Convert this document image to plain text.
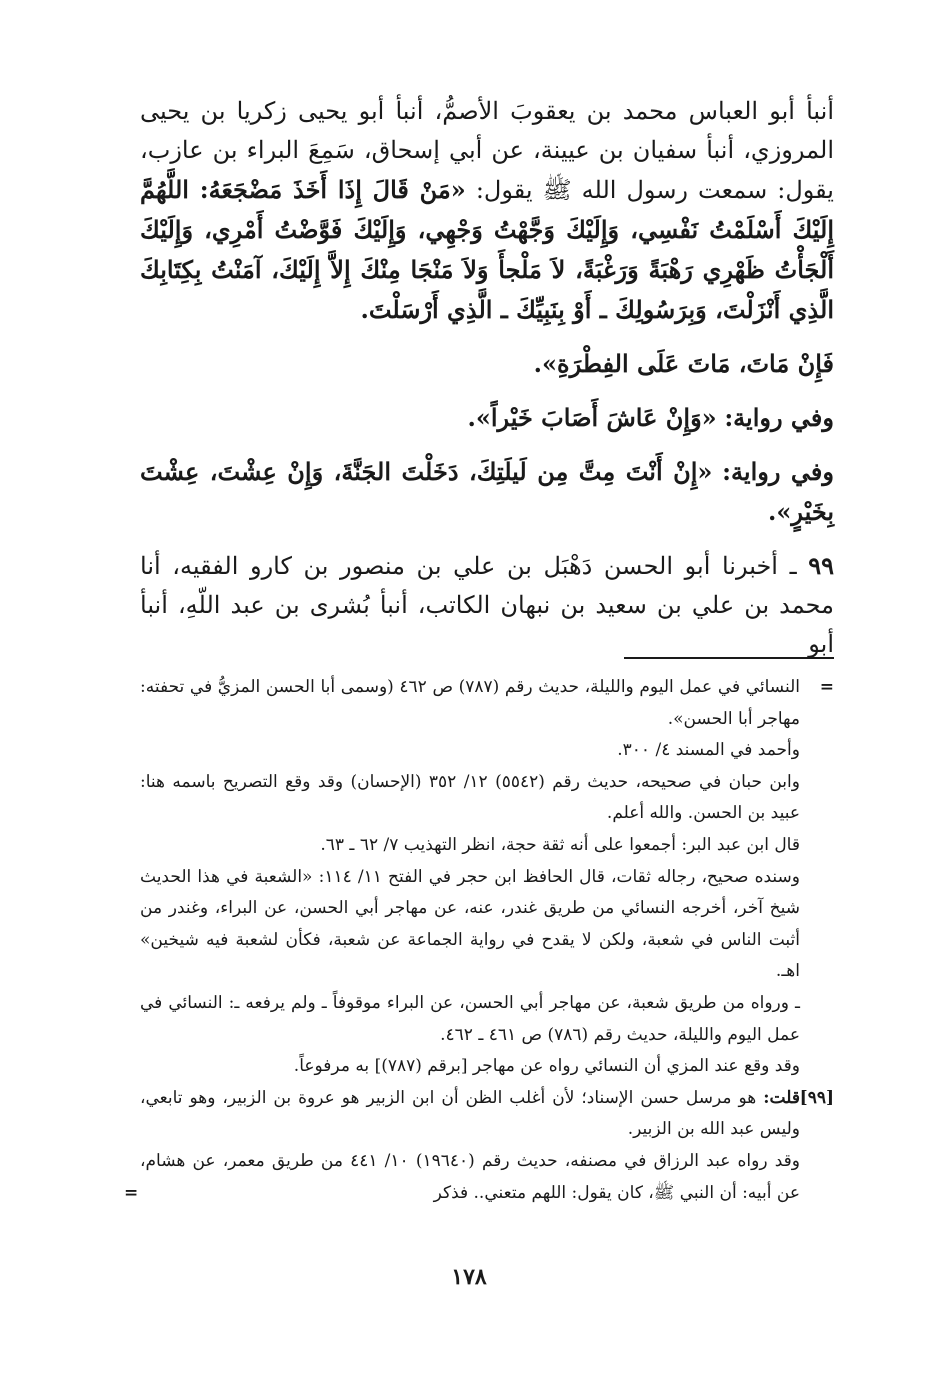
أنبأ أبو العباس محمد بن يعقوبَ الأصمُّ، أنبأ أبو يحيى زكريا بن يحيى المروزي، أنبأ سفيان بن عيينة، عن أبي إسحاق، سَمِعَ البراء بن عازب، يقول: سمعت رسول الله ﷺ يقول: «مَنْ قَالَ إِذَا أَخَذَ مَضْجَعَهُ: اللَّهُمَّ إِلَيْكَ أَسْلَمْتُ نَفْسِي، وَإِلَيْكَ وَجَّهْتُ وَجْهِي، وَإِلَيْكَ فَوَّضْتُ أَمْرِي، وَإِلَيْكَ أَلْجَأْتُ ظَهْرِي رَهْبَةً وَرَغْبَةً، لاَ مَلْجأَ وَلاَ مَنْجَا مِنْكَ إِلاَّ إِلَيْكَ، آمَنْتُ بِكِتَابِكَ الَّذِي أَنْزَلْتَ، وَبِرَسُولِكَ ـ أَوْ بِنَبِيِّكَ ـ الَّذِي أَرْسَلْتَ.

فَإِنْ مَاتَ، مَاتَ عَلَى الفِطْرَةِ».

وفي رواية: «وَإِنْ عَاشَ أَصَابَ خَيْراً».

وفي رواية: «إِنْ أَنْتَ مِتَّ مِن لَيلَتِكَ، دَخَلْتَ الجَنَّةَ، وَإِنْ عِشْتَ، عِشْتَ بِخَيْرٍ».

٩٩ ـ أخبرنا أبو الحسن دَهْبَل بن علي بن منصور بن كارو الفقيه، أنا محمد بن علي بن سعيد بن نبهان الكاتب، أنبأ بُشرى بن عبد اللّهِ، أنبأ أبو

=

النسائي في عمل اليوم والليلة، حديث رقم (٧٨٧) ص ٤٦٢ (وسمى أبا الحسن المزيُّ في تحفته: مهاجر أبا الحسن».

وأحمد في المسند ٤/ ٣٠٠.

وابن حبان في صحيحه، حديث رقم (٥٥٤٢) ١٢/ ٣٥٢ (الإحسان) وقد وقع التصريح باسمه هنا: عبيد بن الحسن. والله أعلم.

قال ابن عبد البر: أجمعوا على أنه ثقة حجة، انظر التهذيب ٧/ ٦٢ ـ ٦٣.

وسنده صحيح، رجاله ثقات، قال الحافظ ابن حجر في الفتح ١١/ ١١٤: «الشعبة في هذا الحديث شيخ آخر، أخرجه النسائي من طريق غندر، عنه، عن مهاجر أبي الحسن، عن البراء، وغندر من أثبت الناس في شعبة، ولكن لا يقدح في رواية الجماعة عن شعبة، فكأن لشعبة فيه شيخين» اهـ.

ـ ورواه من طريق شعبة، عن مهاجر أبي الحسن، عن البراء موقوفاً ـ ولم يرفعه ـ: النسائي في عمل اليوم والليلة، حديث رقم (٧٨٦) ص ٤٦١ ـ ٤٦٢.

وقد وقع عند المزي أن النسائي رواه عن مهاجر [برقم (٧٨٧)] به مرفوعاً.

[٩٩]

قلت: هو مرسل حسن الإسناد؛ لأن أغلب الظن أن ابن الزبير هو عروة بن الزبير، وهو تابعي، وليس عبد الله بن الزبير.

وقد رواه عبد الرزاق في مصنفه، حديث رقم (١٩٦٤٠) ١٠/ ٤٤١ من طريق معمر، عن هشام، عن أبيه: أن النبي ﷺ، كان يقول: اللهم متعني.. فذكر

=
١٧٨
